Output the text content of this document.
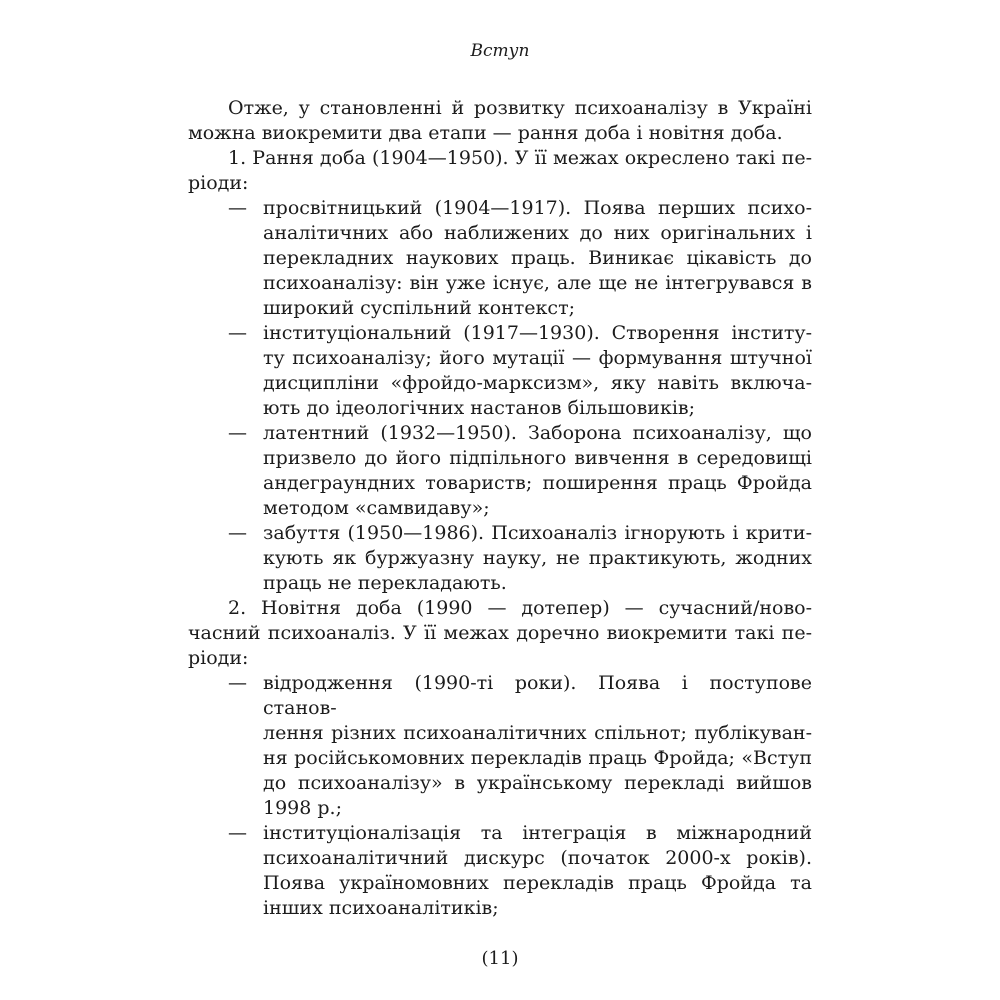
Вступ
Отже, у становленні й розвитку психоаналізу в Україні
можна виокремити два етапи — рання доба і новітня доба.
1. Рання доба (1904—1950). У її межах окреслено такі пе-
ріоди:
— просвітницький (1904—1917). Поява перших психо-
аналітичних або наближених до них оригінальних і
перекладних наукових праць. Виникає цікавість до
психоаналізу: він уже існує, але ще не інтегрувався в
широкий суспільний контекст;
— інституціональний (1917—1930). Створення інститу-
ту психоаналізу; його мутації — формування штучної
дисципліни «фройдо-марксизм», яку навіть включа-
ють до ідеологічних настанов більшовиків;
— латентний (1932—1950). Заборона психоаналізу, що
призвело до його підпільного вивчення в середовищі
андеграундних товариств; поширення праць Фройда
методом «самвидаву»;
— забуття (1950—1986). Психоаналіз ігнорують і крити-
кують як буржуазну науку, не практикують, жодних
праць не перекладають.
2. Новітня доба (1990 — дотепер) — сучасний/ново-
часний психоаналіз. У її межах доречно виокремити такі пе-
ріоди:
— відродження (1990-ті роки). Поява і поступове станов-
лення різних психоаналітичних спільнот; публікуван-
ня російськомовних перекладів праць Фройда; «Вступ
до психоаналізу» в українському перекладі вийшов
1998 р.;
— інституціоналізація та інтеграція в міжнародний
психоаналітичний дискурс (початок 2000-х років).
Поява україномовних перекладів праць Фройда та
інших психоаналітиків;
(11)
